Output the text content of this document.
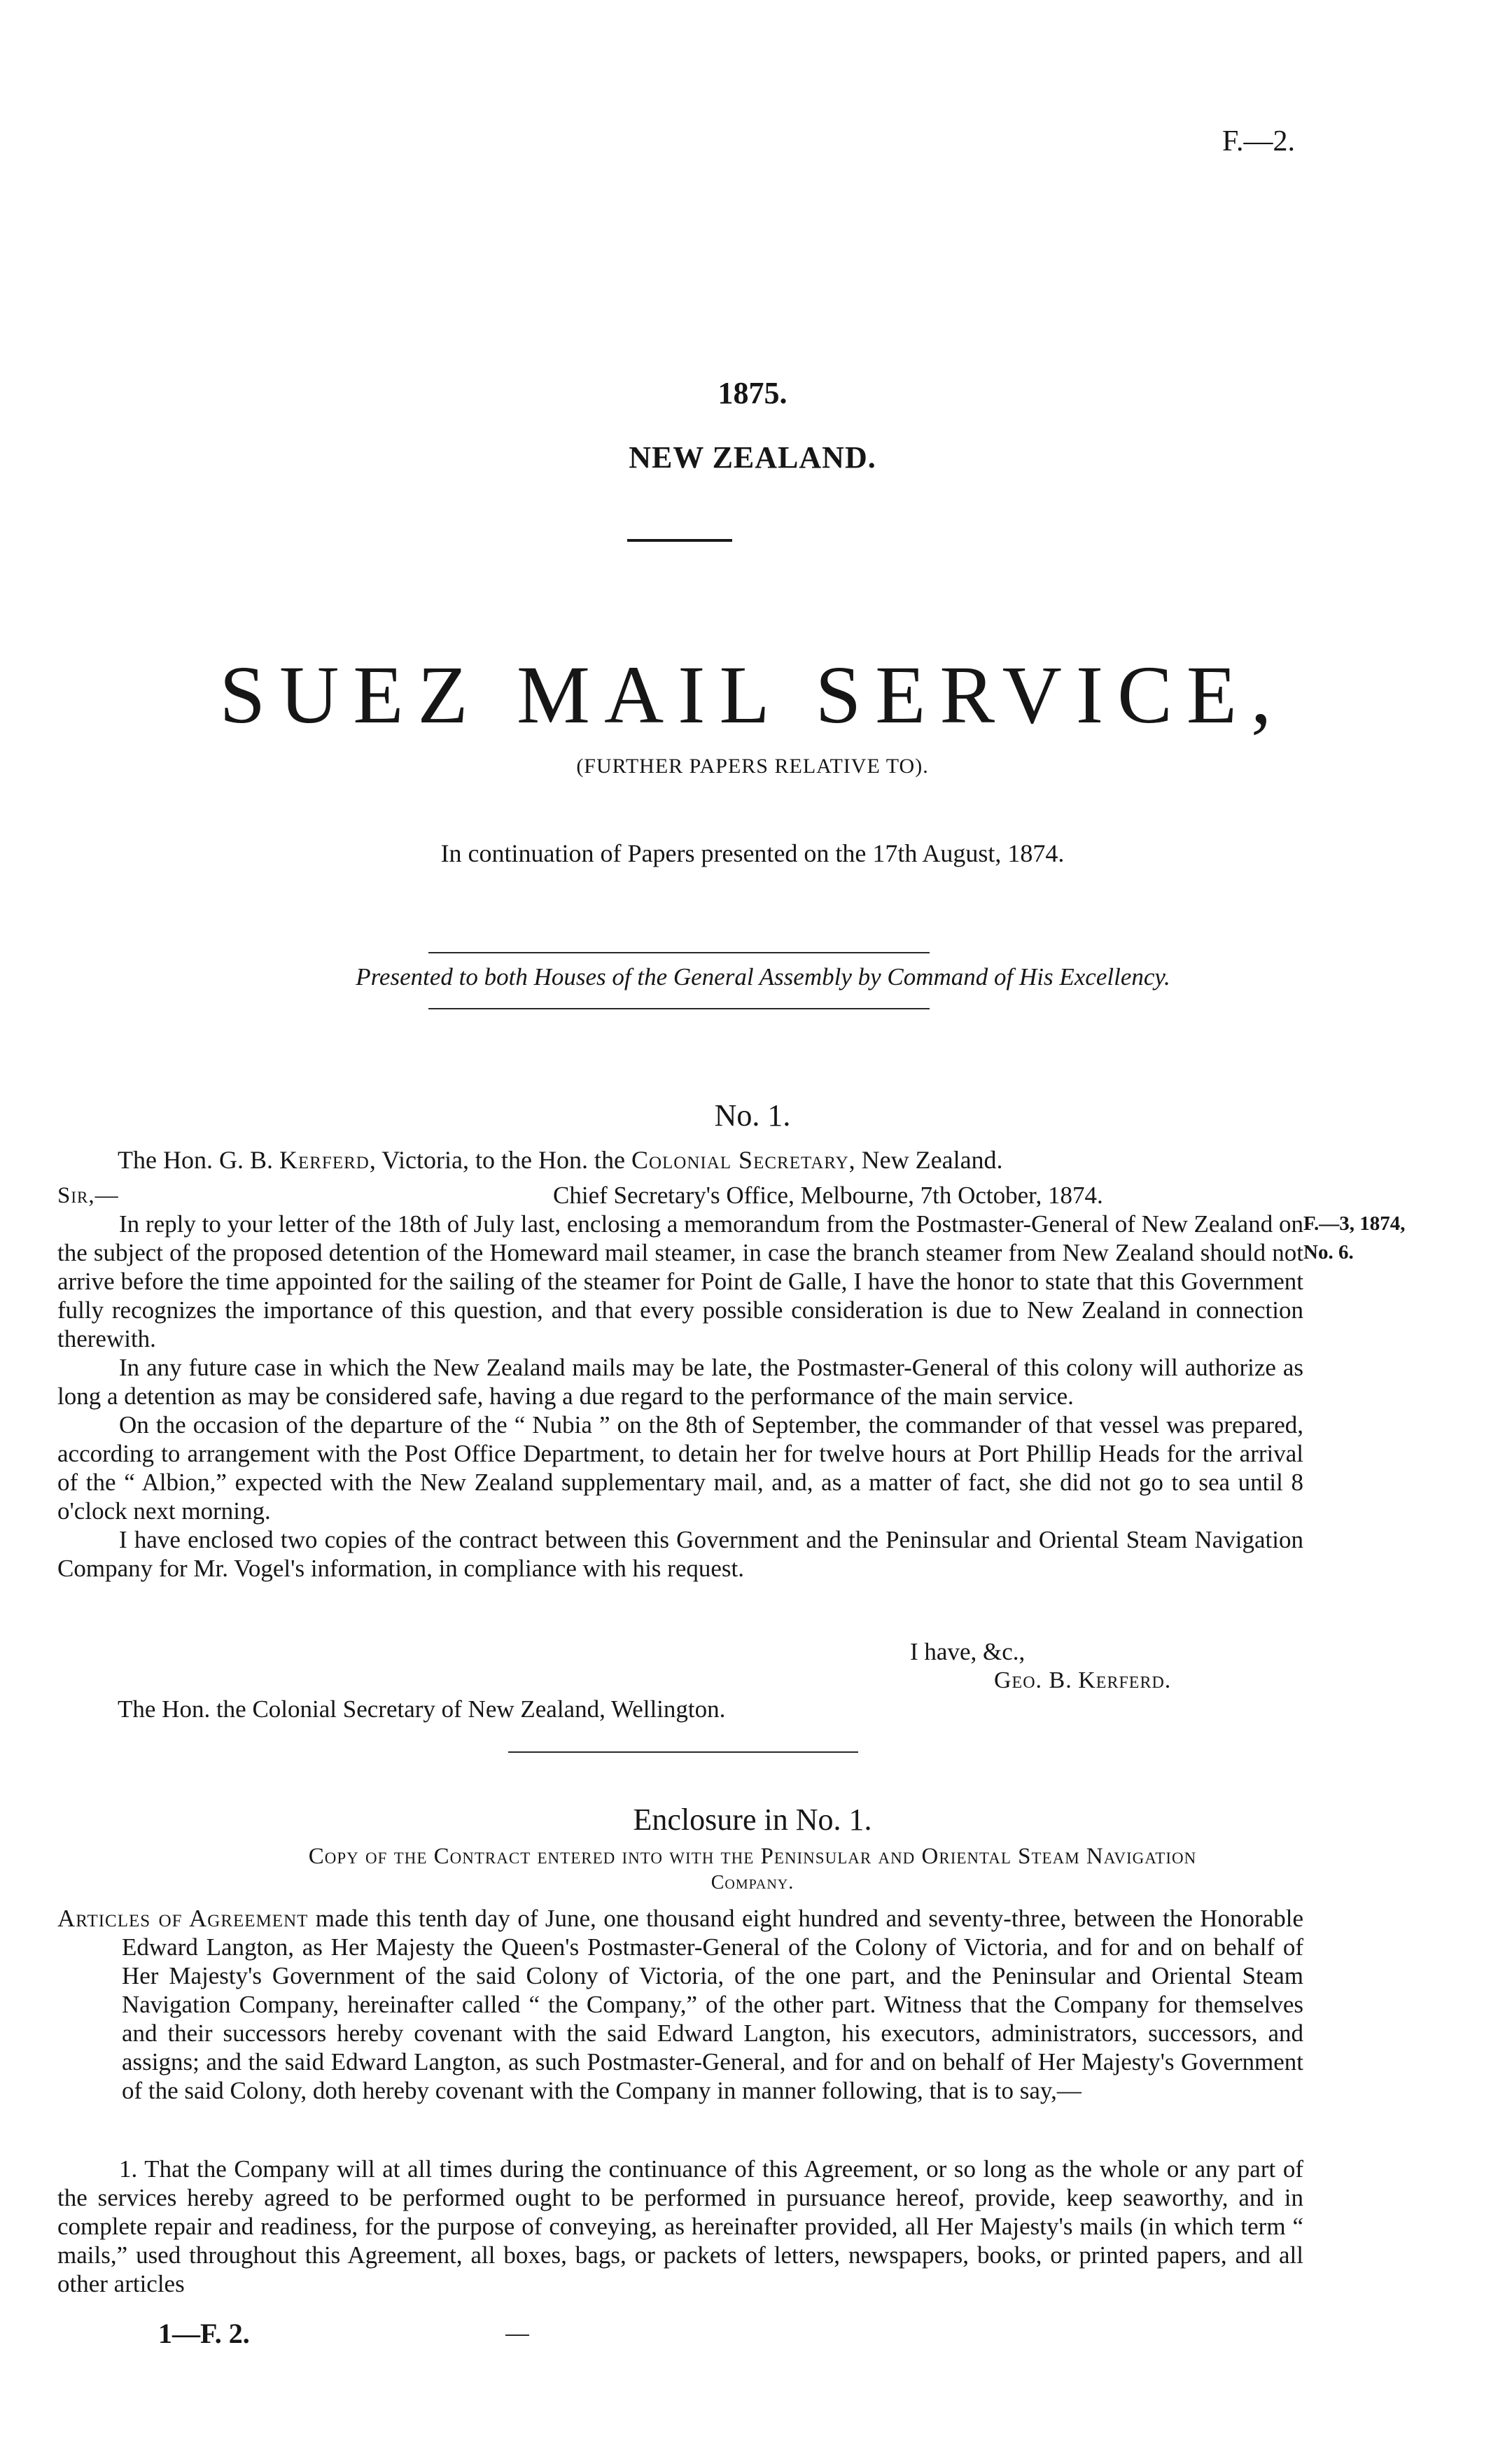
F.—2.
1875.
NEW ZEALAND.
SUEZ MAIL SERVICE,
(FURTHER PAPERS RELATIVE TO).
In continuation of Papers presented on the 17th August, 1874.
Presented to both Houses of the General Assembly by Command of His Excellency.
No. 1.
The Hon. G. B. Kerferd, Victoria, to the Hon. the Colonial Secretary, New Zealand.
Sir,—	Chief Secretary's Office, Melbourne, 7th October, 1874.
F.—3, 1874,
No. 6.

In reply to your letter of the 18th of July last, enclosing a memorandum from the Postmaster-General of New Zealand on the subject of the proposed detention of the Homeward mail steamer, in case the branch steamer from New Zealand should not arrive before the time appointed for the sailing of the steamer for Point de Galle, I have the honor to state that this Government fully recognizes the importance of this question, and that every possible consideration is due to New Zealand in connection therewith.

In any future case in which the New Zealand mails may be late, the Postmaster-General of this colony will authorize as long a detention as may be considered safe, having a due regard to the performance of the main service.

On the occasion of the departure of the “ Nubia ” on the 8th of September, the commander of that vessel was prepared, according to arrangement with the Post Office Department, to detain her for twelve hours at Port Phillip Heads for the arrival of the “ Albion,” expected with the New Zealand supplementary mail, and, as a matter of fact, she did not go to sea until 8 o'clock next morning.

I have enclosed two copies of the contract between this Government and the Peninsular and Oriental Steam Navigation Company for Mr. Vogel's information, in compliance with his request.

I have, &c.,
Geo. B. Kerferd.
The Hon. the Colonial Secretary of New Zealand, Wellington.
Enclosure in No. 1.
Copy of the Contract entered into with the Peninsular and Oriental Steam Navigation
Company.
Articles of Agreement made this tenth day of June, one thousand eight hundred and seventy-three, between the Honorable Edward Langton, as Her Majesty the Queen's Postmaster-General of the Colony of Victoria, and for and on behalf of Her Majesty's Government of the said Colony of Victoria, of the one part, and the Peninsular and Oriental Steam Navigation Company, hereinafter called “ the Company,” of the other part. Witness that the Company for themselves and their successors hereby covenant with the said Edward Langton, his executors, administrators, successors, and assigns; and the said Edward Langton, as such Postmaster-General, and for and on behalf of Her Majesty's Government of the said Colony, doth hereby covenant with the Company in manner following, that is to say,—

1. That the Company will at all times during the continuance of this Agreement, or so long as the whole or any part of the services hereby agreed to be performed ought to be performed in pursuance hereof, provide, keep seaworthy, and in complete repair and readiness, for the purpose of conveying, as hereinafter provided, all Her Majesty's mails (in which term “ mails,” used throughout this Agreement, all boxes, bags, or packets of letters, newspapers, books, or printed papers, and all other articles

1—F. 2.
